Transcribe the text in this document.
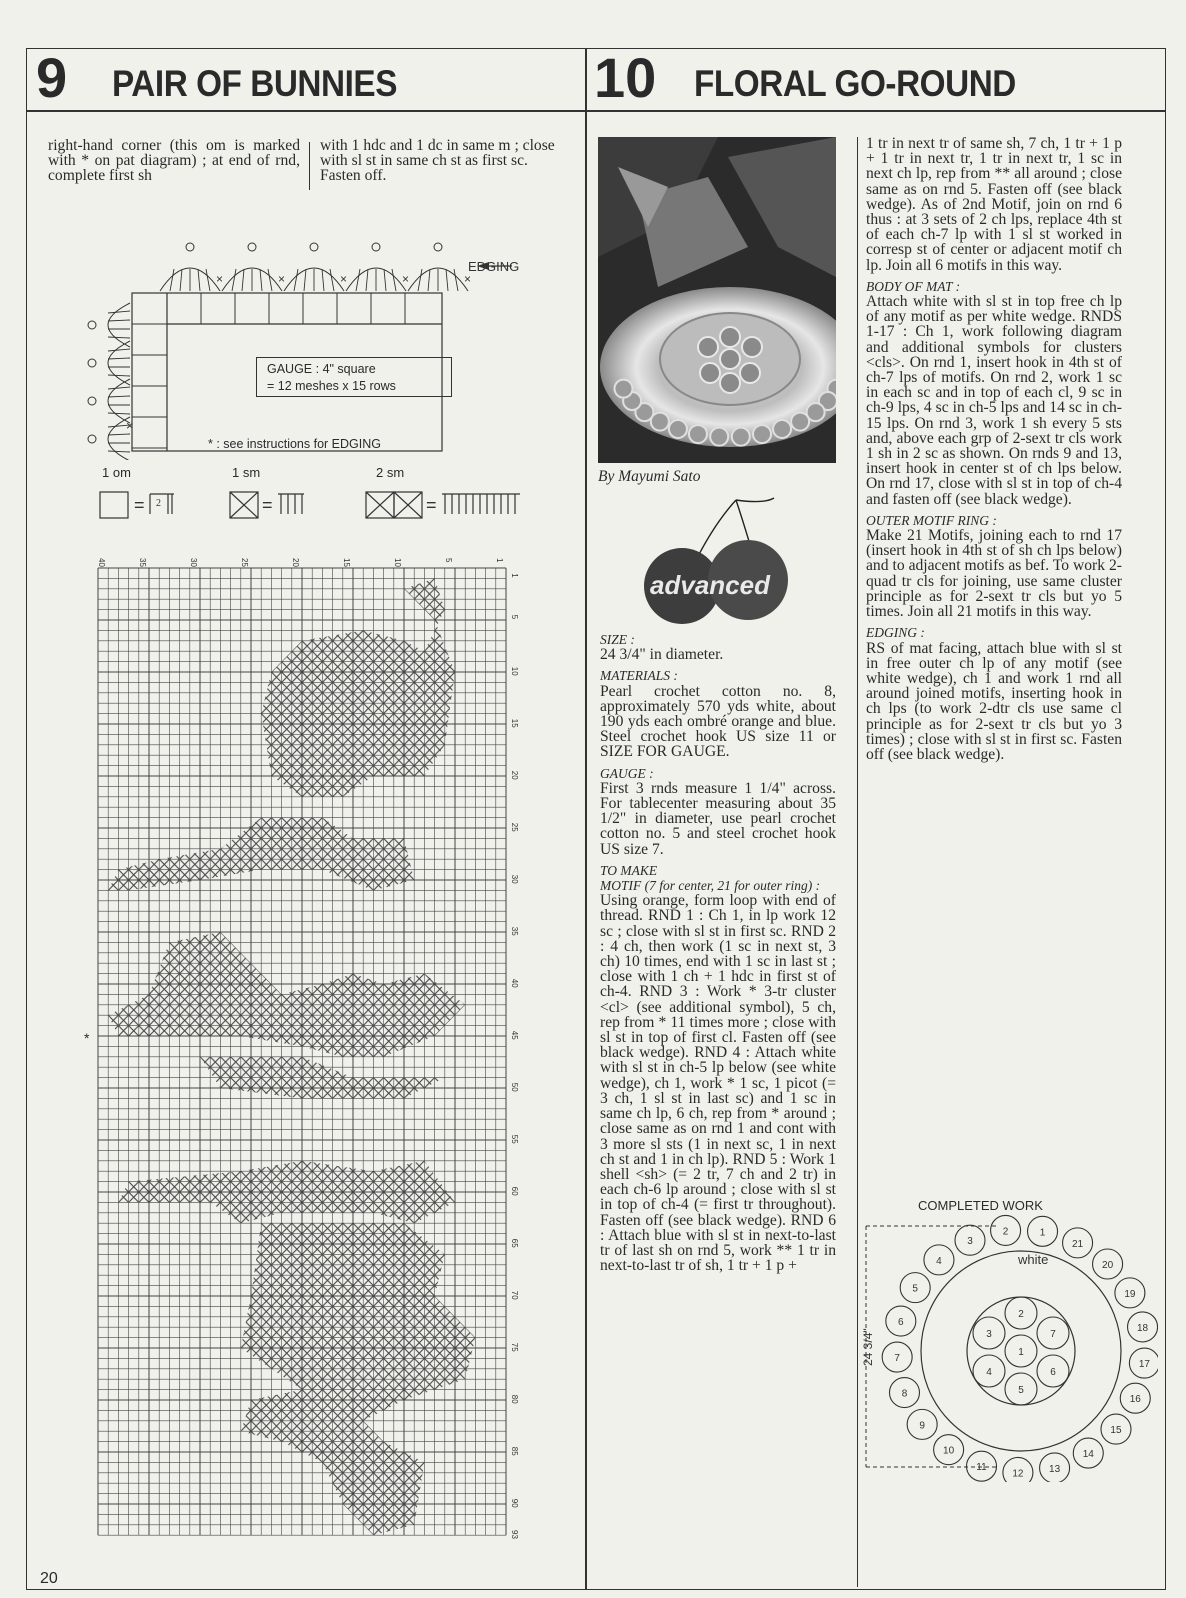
9 PAIR OF BUNNIES	10 FLORAL GO-ROUND
right-hand corner (this om is marked with * on pat diagram) ; at end of rnd, complete first sh
with 1 hdc and 1 dc in same m ; close with sl st in same ch st as first sc. Fasten off.
×	×	×	×	×
EDGING
×
GAUGE : 4" square
= 12 meshes x 15 rows
* : see instructions for EDGING
1 om	1 sm	2 sm
= 2	=	=
*
40	35	30	25	20	15	10	5	1
1
5
10
15
20
25
30
35
40
45
50
55
60
65
70
75
80
85
90
93
By Mayumi Sato
advanced
SIZE :

24 3/4" in diameter.

MATERIALS :

Pearl crochet cotton no. 8, approximately 570 yds white, about 190 yds each ombré orange and blue. Steel crochet hook US size 11 or SIZE FOR GAUGE.

GAUGE :

First 3 rnds measure 1 1/4" across. For tablecenter measuring about 35 1/2" in diameter, use pearl crochet cotton no. 5 and steel crochet hook US size 7.

TO MAKE
MOTIF (7 for center, 21 for outer ring) :

Using orange, form loop with end of thread. RND 1 : Ch 1, in lp work 12 sc ; close with sl st in first sc. RND 2 : 4 ch, then work (1 sc in next st, 3 ch) 10 times, end with 1 sc in last st ; close with 1 ch + 1 hdc in first st of ch-4. RND 3 : Work * 3-tr cluster <cl> (see additional symbol), 5 ch, rep from * 11 times more ; close with sl st in top of first cl. Fasten off (see black wedge). RND 4 : Attach white with sl st in ch-5 lp below (see white wedge), ch 1, work * 1 sc, 1 picot (= 3 ch, 1 sl st in last sc) and 1 sc in same ch lp, 6 ch, rep from * around ; close same as on rnd 1 and cont with 3 more sl sts (1 in next sc, 1 in next ch st and 1 in ch lp). RND 5 : Work 1 shell <sh> (= 2 tr, 7 ch and 2 tr) in each ch-6 lp around ; close with sl st in top of ch-4 (= first tr throughout). Fasten off (see black wedge). RND 6 : Attach blue with sl st in next-to-last tr of last sh on rnd 5, work ** 1 tr in next-to-last tr of sh, 1 tr + 1 p +

1 tr in next tr of same sh, 7 ch, 1 tr + 1 p + 1 tr in next tr, 1 tr in next tr, 1 sc in next ch lp, rep from ** all around ; close same as on rnd 5. Fasten off (see black wedge). As of 2nd Motif, join on rnd 6 thus : at 3 sets of 2 ch lps, replace 4th st of each ch-7 lp with 1 sl st worked in corresp st of center or adjacent motif ch lp. Join all 6 motifs in this way.

BODY OF MAT :

Attach white with sl st in top free ch lp of any motif as per white wedge. RNDS 1-17 : Ch 1, work following diagram and additional symbols for clusters <cls>. On rnd 1, insert hook in 4th st of ch-7 lps of motifs. On rnd 2, work 1 sc in each sc and in top of each cl, 9 sc in ch-9 lps, 4 sc in ch-5 lps and 14 sc in ch-15 lps. On rnd 3, work 1 sh every 5 sts and, above each grp of 2-sext tr cls work 1 sh in 2 sc as shown. On rnds 9 and 13, insert hook in center st of ch lps below. On rnd 17, close with sl st in top of ch-4 and fasten off (see black wedge).

OUTER MOTIF RING :

Make 21 Motifs, joining each to rnd 17 (insert hook in 4th st of sh ch lps below) and to adjacent motifs as bef. To work 2-quad tr cls for joining, use same cluster principle as for 2-sext tr cls but yo 5 times. Join all 21 motifs in this way.

EDGING :

RS of mat facing, attach blue with sl st in free outer ch lp of any motif (see white wedge), ch 1 and work 1 rnd all around joined motifs, inserting hook in ch lps (to work 2-dtr cls use same cl principle as for 2-sext tr cls but yo 3 times) ; close with sl st in first sc. Fasten off (see black wedge).

COMPLETED WORK
24 3/4"
white
1
2
3
4
5
6
7
8
9
10
11
12	13
14
15
16
17
18
19
20
21
1
2
3
4
5
6
7
20
